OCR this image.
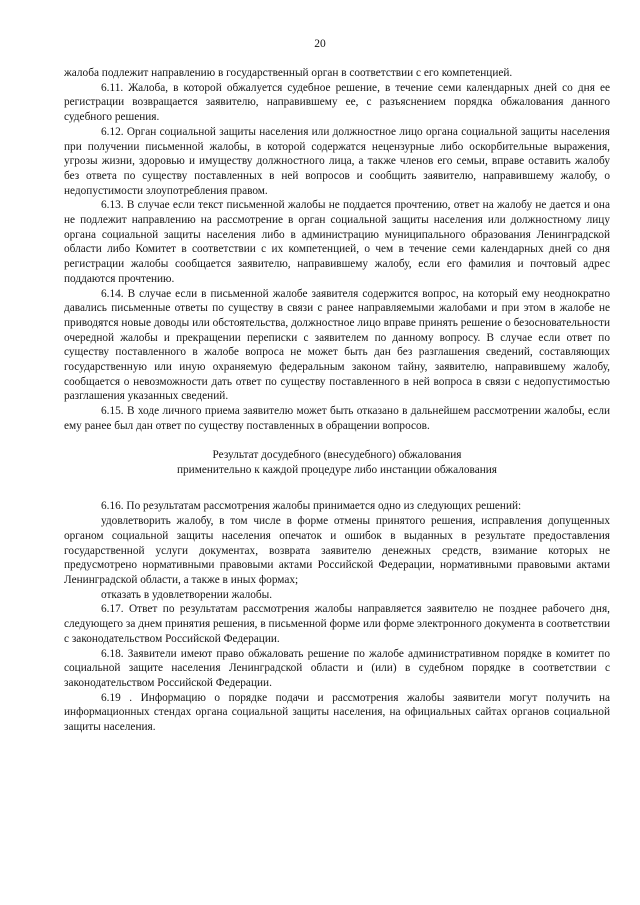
20

жалоба подлежит направлению в государственный орган в соответствии с его компетенцией.

6.11. Жалоба, в которой обжалуется судебное решение, в течение семи календарных дней со дня ее регистрации возвращается заявителю, направившему ее, с разъяснением порядка обжалования данного судебного решения.

6.12. Орган социальной защиты населения или должностное лицо органа социальной защиты населения при получении письменной жалобы, в которой содержатся нецензурные либо оскорбительные выражения, угрозы жизни, здоровью и имуществу должностного лица, а также членов его семьи, вправе оставить жалобу без ответа по существу поставленных в ней вопросов и сообщить заявителю, направившему жалобу, о недопустимости злоупотребления правом.

6.13. В случае если текст письменной жалобы не поддается прочтению, ответ на жалобу не дается и она не подлежит направлению на рассмотрение в орган социальной защиты населения или должностному лицу органа социальной защиты населения либо в администрацию муниципального образования Ленинградской области либо Комитет в соответствии с их компетенцией, о чем в течение семи календарных дней со дня регистрации жалобы сообщается заявителю, направившему жалобу, если его фамилия и почтовый адрес поддаются прочтению.

6.14. В случае если в письменной жалобе заявителя содержится вопрос, на который ему неоднократно давались письменные ответы по существу в связи с ранее направляемыми жалобами и при этом в жалобе не приводятся новые доводы или обстоятельства, должностное лицо вправе принять решение о безосновательности очередной жалобы и прекращении переписки с заявителем по данному вопросу. В случае если ответ по существу поставленного в жалобе вопроса не может быть дан без разглашения сведений, составляющих государственную или иную охраняемую федеральным законом тайну, заявителю, направившему жалобу, сообщается о невозможности дать ответ по существу поставленного в ней вопроса в связи с недопустимостью разглашения указанных сведений.

6.15. В ходе личного приема заявителю может быть отказано в дальнейшем рассмотрении жалобы, если ему ранее был дан ответ по существу поставленных в обращении вопросов.

Результат досудебного (внесудебного) обжалования

применительно к каждой процедуре либо инстанции обжалования

6.16. По результатам рассмотрения жалобы принимается одно из следующих решений:

удовлетворить жалобу, в том числе в форме отмены принятого решения, исправления допущенных органом социальной защиты населения опечаток и ошибок в выданных в результате предоставления государственной услуги документах, возврата заявителю денежных средств, взимание которых не предусмотрено нормативными правовыми актами Российской Федерации, нормативными правовыми актами Ленинградской области, а также в иных формах;

отказать в удовлетворении жалобы.

6.17. Ответ по результатам рассмотрения жалобы направляется заявителю не позднее рабочего дня, следующего за днем принятия решения, в письменной форме или форме электронного документа в соответствии с законодательством Российской Федерации.

6.18. Заявители имеют право обжаловать решение по жалобе административном порядке в комитет по социальной защите населения Ленинградской области и (или) в судебном порядке в соответствии с законодательством Российской Федерации.

6.19 . Информацию о порядке подачи и рассмотрения жалобы заявители могут получить на информационных стендах органа социальной защиты населения, на официальных сайтах органов социальной защиты населения.
